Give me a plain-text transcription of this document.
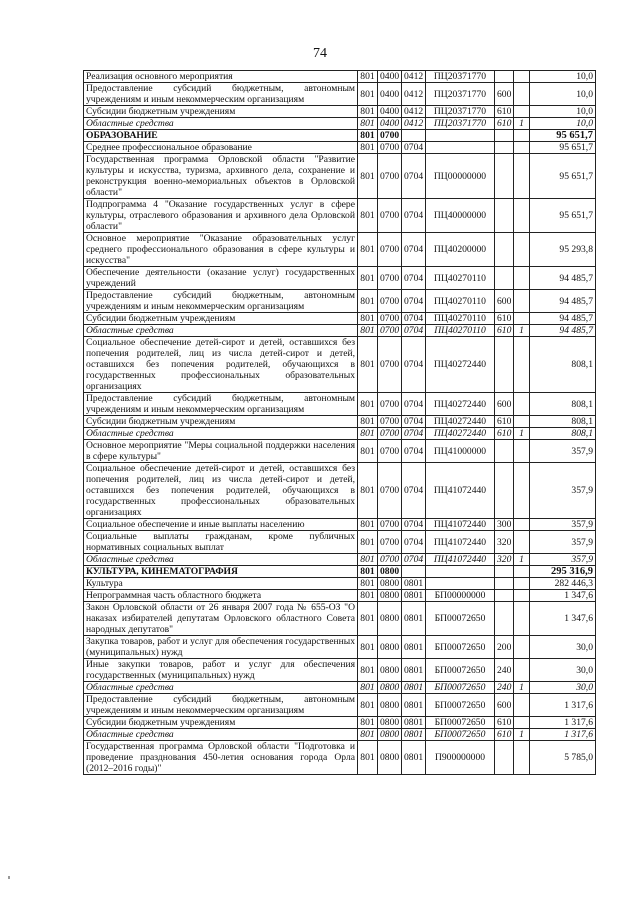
74
Реализация основного мероприятия	801	0400	0412	ПЦ20371770			10,0
Предоставление субсидий бюджетным, автономным учреждениям и иным некоммерческим организациям	801	0400	0412	ПЦ20371770	600		10,0
Субсидии бюджетным учреждениям	801	0400	0412	ПЦ20371770	610		10,0
Областные средства	801	0400	0412	ПЦ20371770	610	1	10,0
ОБРАЗОВАНИЕ	801	0700					95 651,7
Среднее профессиональное образование	801	0700	0704				95 651,7
Государственная программа Орловской области "Развитие культуры и искусства, туризма, архивного дела, сохранение и реконструкция военно-мемориальных объектов в Орловской области"	801	0700	0704	ПЦ00000000			95 651,7
Подпрограмма 4 "Оказание государственных услуг в сфере культуры, отраслевого образования и архивного дела Орловской области"	801	0700	0704	ПЦ40000000			95 651,7
Основное мероприятие "Оказание образовательных услуг среднего профессионального образования в сфере культуры и искусства"	801	0700	0704	ПЦ40200000			95 293,8
Обеспечение деятельности (оказание услуг) государственных учреждений	801	0700	0704	ПЦ40270110			94 485,7
Предоставление субсидий бюджетным, автономным учреждениям и иным некоммерческим организациям	801	0700	0704	ПЦ40270110	600		94 485,7
Субсидии бюджетным учреждениям	801	0700	0704	ПЦ40270110	610		94 485,7
Областные средства	801	0700	0704	ПЦ40270110	610	1	94 485,7
Социальное обеспечение детей-сирот и детей, оставшихся без попечения родителей, лиц из числа детей-сирот и детей, оставшихся без попечения родителей, обучающихся в государственных профессиональных образовательных организациях	801	0700	0704	ПЦ40272440			808,1
Предоставление субсидий бюджетным, автономным учреждениям и иным некоммерческим организациям	801	0700	0704	ПЦ40272440	600		808,1
Субсидии бюджетным учреждениям	801	0700	0704	ПЦ40272440	610		808,1
Областные средства	801	0700	0704	ПЦ40272440	610	1	808,1
Основное мероприятие "Меры социальной поддержки населения в сфере культуры"	801	0700	0704	ПЦ41000000			357,9
Социальное обеспечение детей-сирот и детей, оставшихся без попечения родителей, лиц из числа детей-сирот и детей, оставшихся без попечения родителей, обучающихся в государственных профессиональных образовательных организациях	801	0700	0704	ПЦ41072440			357,9
Социальное обеспечение и иные выплаты населению	801	0700	0704	ПЦ41072440	300		357,9
Социальные выплаты гражданам, кроме публичных нормативных социальных выплат	801	0700	0704	ПЦ41072440	320		357,9
Областные средства	801	0700	0704	ПЦ41072440	320	1	357,9
КУЛЬТУРА, КИНЕМАТОГРАФИЯ	801	0800					295 316,9
Культура	801	0800	0801				282 446,3
Непрограммная часть областного бюджета	801	0800	0801	БП00000000			1 347,6
Закон Орловской области от 26 января 2007 года № 655-ОЗ "О наказах избирателей депутатам Орловского областного Совета народных депутатов"	801	0800	0801	БП00072650			1 347,6
Закупка товаров, работ и услуг для обеспечения государственных (муниципальных) нужд	801	0800	0801	БП00072650	200		30,0
Иные закупки товаров, работ и услуг для обеспечения государственных (муниципальных) нужд	801	0800	0801	БП00072650	240		30,0
Областные средства	801	0800	0801	БП00072650	240	1	30,0
Предоставление субсидий бюджетным, автономным учреждениям и иным некоммерческим организациям	801	0800	0801	БП00072650	600		1 317,6
Субсидии бюджетным учреждениям	801	0800	0801	БП00072650	610		1 317,6
Областные средства	801	0800	0801	БП00072650	610	1	1 317,6
Государственная программа Орловской области "Подготовка и проведение празднования 450-летия основания города Орла (2012–2016 годы)"	801	0800	0801	П900000000			5 785,0
